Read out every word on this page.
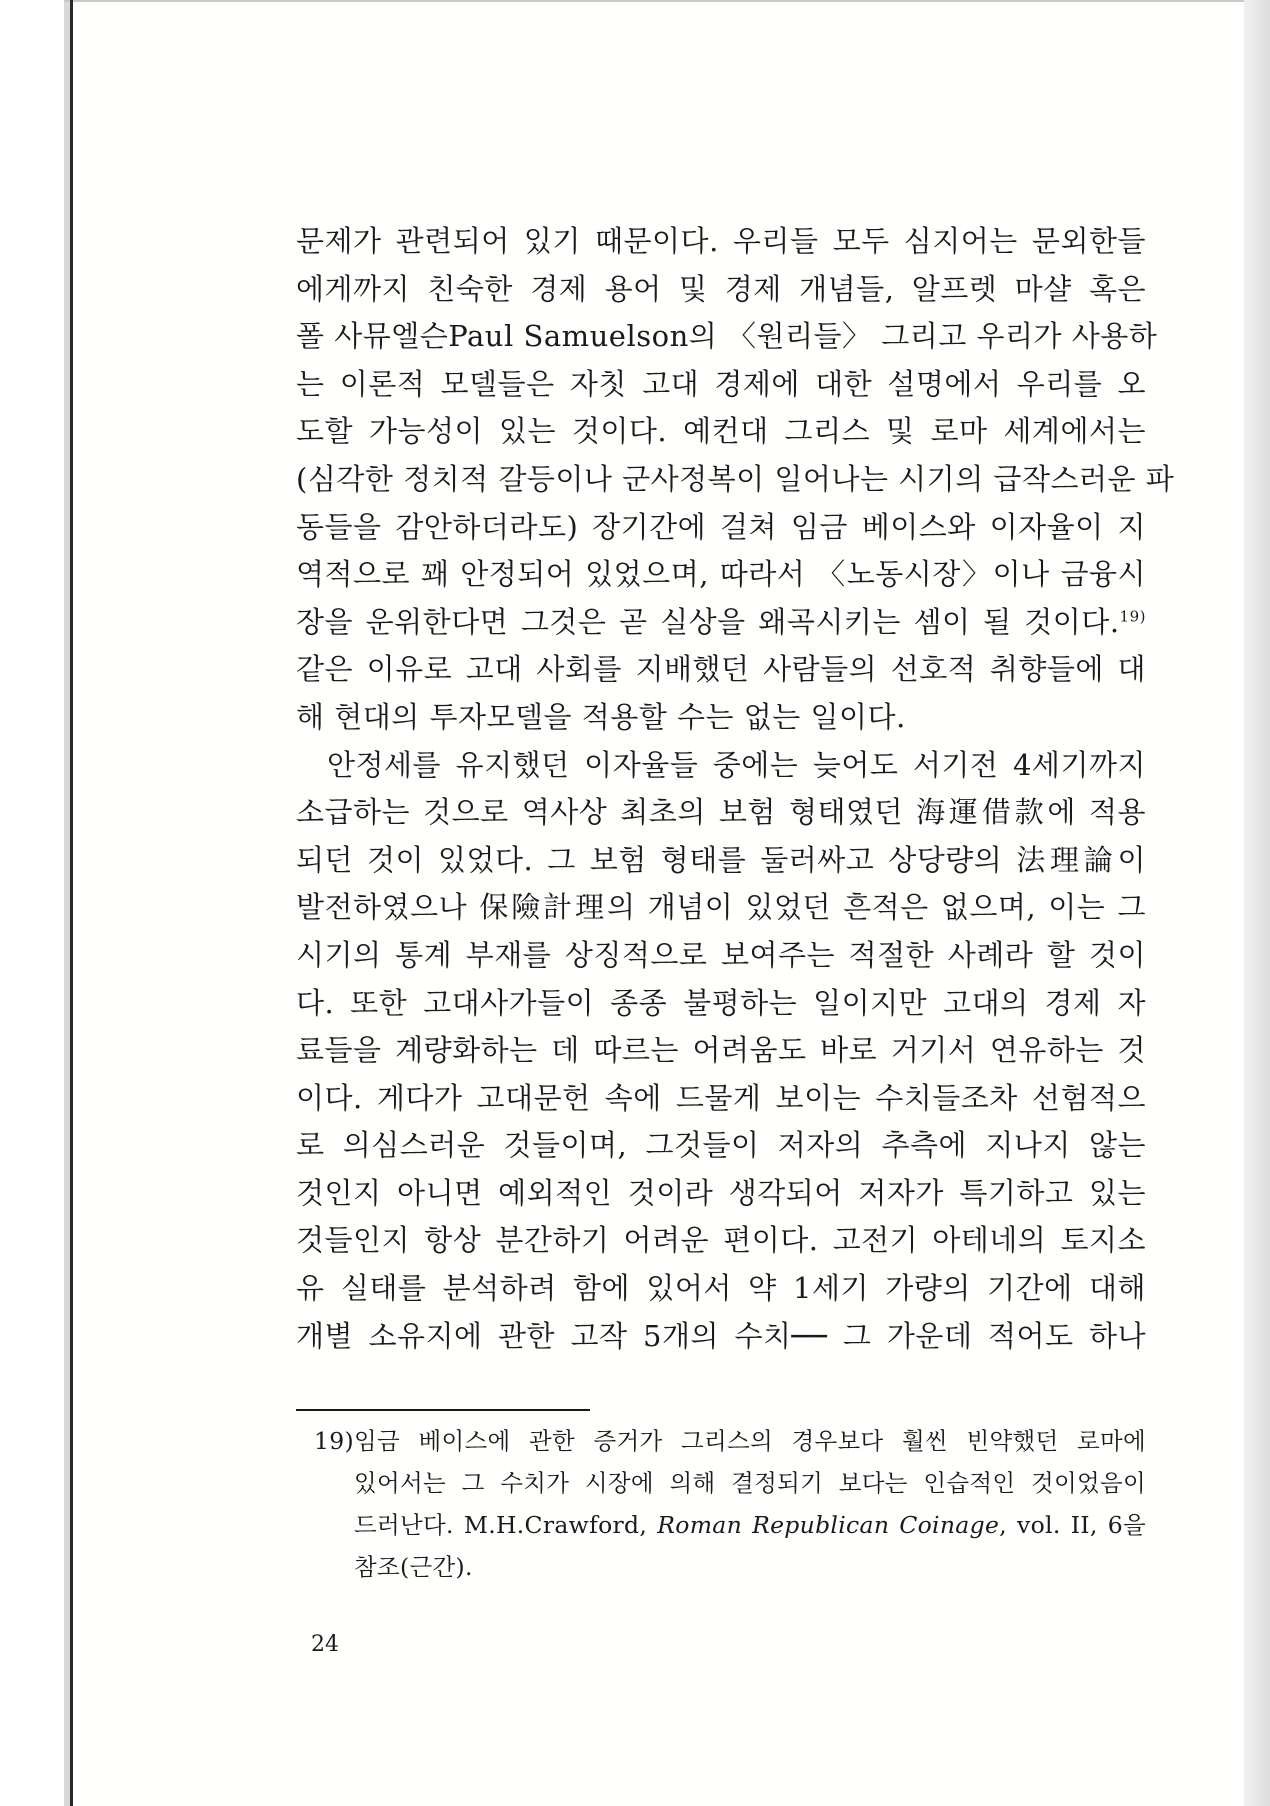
문제가 관련되어 있기 때문이다. 우리들 모두 심지어는 문외한들
에게까지 친숙한 경제 용어 및 경제 개념들, 알프렛 마샬 혹은
폴 사뮤엘슨Paul Samuelson의 〈원리들〉 그리고 우리가 사용하
는 이론적 모델들은 자칫 고대 경제에 대한 설명에서 우리를 오
도할 가능성이 있는 것이다. 예컨대 그리스 및 로마 세계에서는
(심각한 정치적 갈등이나 군사정복이 일어나는 시기의 급작스러운 파
동들을 감안하더라도) 장기간에 걸쳐 임금 베이스와 이자율이 지
역적으로 꽤 안정되어 있었으며, 따라서 〈노동시장〉이나 금융시
장을 운위한다면 그것은 곧 실상을 왜곡시키는 셈이 될 것이다.$^{19)}$
같은 이유로 고대 사회를 지배했던 사람들의 선호적 취향들에 대
해 현대의 투자모델을 적용할 수는 없는 일이다.
안정세를 유지했던 이자율들 중에는 늦어도 서기전 4세기까지
소급하는 것으로 역사상 최초의 보험 형태였던 海運借款에 적용
되던 것이 있었다. 그 보험 형태를 둘러싸고 상당량의 法理論이
발전하였으나 保險計理의 개념이 있었던 흔적은 없으며, 이는 그
시기의 통계 부재를 상징적으로 보여주는 적절한 사례라 할 것이
다. 또한 고대사가들이 종종 불평하는 일이지만 고대의 경제 자
료들을 계량화하는 데 따르는 어려움도 바로 거기서 연유하는 것
이다. 게다가 고대문헌 속에 드물게 보이는 수치들조차 선험적으
로 의심스러운 것들이며, 그것들이 저자의 추측에 지나지 않는
것인지 아니면 예외적인 것이라 생각되어 저자가 특기하고 있는
것들인지 항상 분간하기 어려운 편이다. 고전기 아테네의 토지소
유 실태를 분석하려 함에 있어서 약 1세기 가량의 기간에 대해
개별 소유지에 관한 고작 5개의 수치── 그 가운데 적어도 하나
19)임금 베이스에 관한 증거가 그리스의 경우보다 훨씬 빈약했던 로마에
있어서는 그 수치가 시장에 의해 결정되기 보다는 인습적인 것이었음이
드러난다. M.H.Crawford, Roman Republican Coinage, vol. II, 6을
참조(근간).
24
